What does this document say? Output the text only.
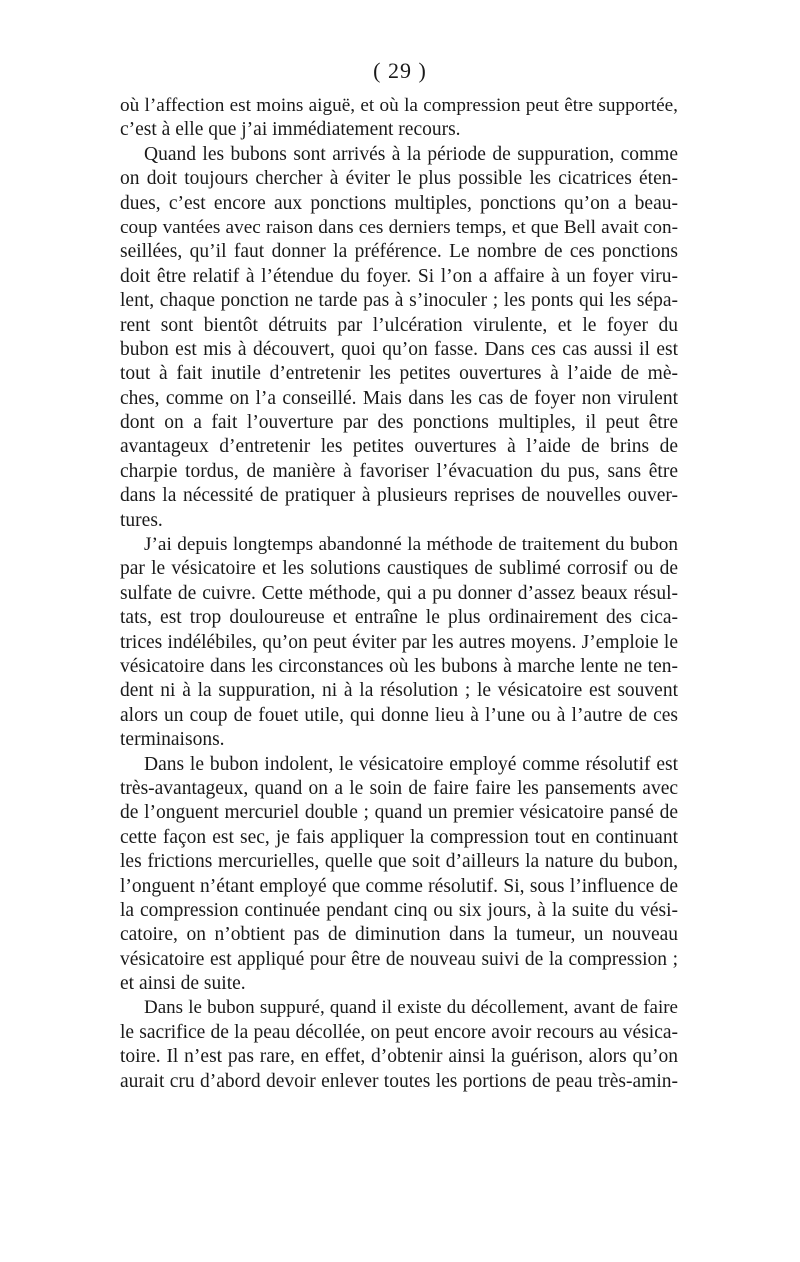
( 29 )
où l’affection est moins aiguë, et où la compression peut être supportée,
c’est à elle que j’ai immédiatement recours.
Quand les bubons sont arrivés à la période de suppuration, comme
on doit toujours chercher à éviter le plus possible les cicatrices éten-
dues, c’est encore aux ponctions multiples, ponctions qu’on a beau-
coup vantées avec raison dans ces derniers temps, et que Bell avait con-
seillées, qu’il faut donner la préférence. Le nombre de ces ponctions
doit être relatif à l’étendue du foyer. Si l’on a affaire à un foyer viru-
lent, chaque ponction ne tarde pas à s’inoculer ; les ponts qui les sépa-
rent sont bientôt détruits par l’ulcération virulente, et le foyer du
bubon est mis à découvert, quoi qu’on fasse. Dans ces cas aussi il est
tout à fait inutile d’entretenir les petites ouvertures à l’aide de mè-
ches, comme on l’a conseillé. Mais dans les cas de foyer non virulent
dont on a fait l’ouverture par des ponctions multiples, il peut être
avantageux d’entretenir les petites ouvertures à l’aide de brins de
charpie tordus, de manière à favoriser l’évacuation du pus, sans être
dans la nécessité de pratiquer à plusieurs reprises de nouvelles ouver-
tures.
J’ai depuis longtemps abandonné la méthode de traitement du bubon
par le vésicatoire et les solutions caustiques de sublimé corrosif ou de
sulfate de cuivre. Cette méthode, qui a pu donner d’assez beaux résul-
tats, est trop douloureuse et entraîne le plus ordinairement des cica-
trices indélébiles, qu’on peut éviter par les autres moyens. J’emploie le
vésicatoire dans les circonstances où les bubons à marche lente ne ten-
dent ni à la suppuration, ni à la résolution ; le vésicatoire est souvent
alors un coup de fouet utile, qui donne lieu à l’une ou à l’autre de ces
terminaisons.
Dans le bubon indolent, le vésicatoire employé comme résolutif est
très-avantageux, quand on a le soin de faire faire les pansements avec
de l’onguent mercuriel double ; quand un premier vésicatoire pansé de
cette façon est sec, je fais appliquer la compression tout en continuant
les frictions mercurielles, quelle que soit d’ailleurs la nature du bubon,
l’onguent n’étant employé que comme résolutif. Si, sous l’influence de
la compression continuée pendant cinq ou six jours, à la suite du vési-
catoire, on n’obtient pas de diminution dans la tumeur, un nouveau
vésicatoire est appliqué pour être de nouveau suivi de la compression ;
et ainsi de suite.
Dans le bubon suppuré, quand il existe du décollement, avant de faire
le sacrifice de la peau décollée, on peut encore avoir recours au vésica-
toire. Il n’est pas rare, en effet, d’obtenir ainsi la guérison, alors qu’on
aurait cru d’abord devoir enlever toutes les portions de peau très-amin-
